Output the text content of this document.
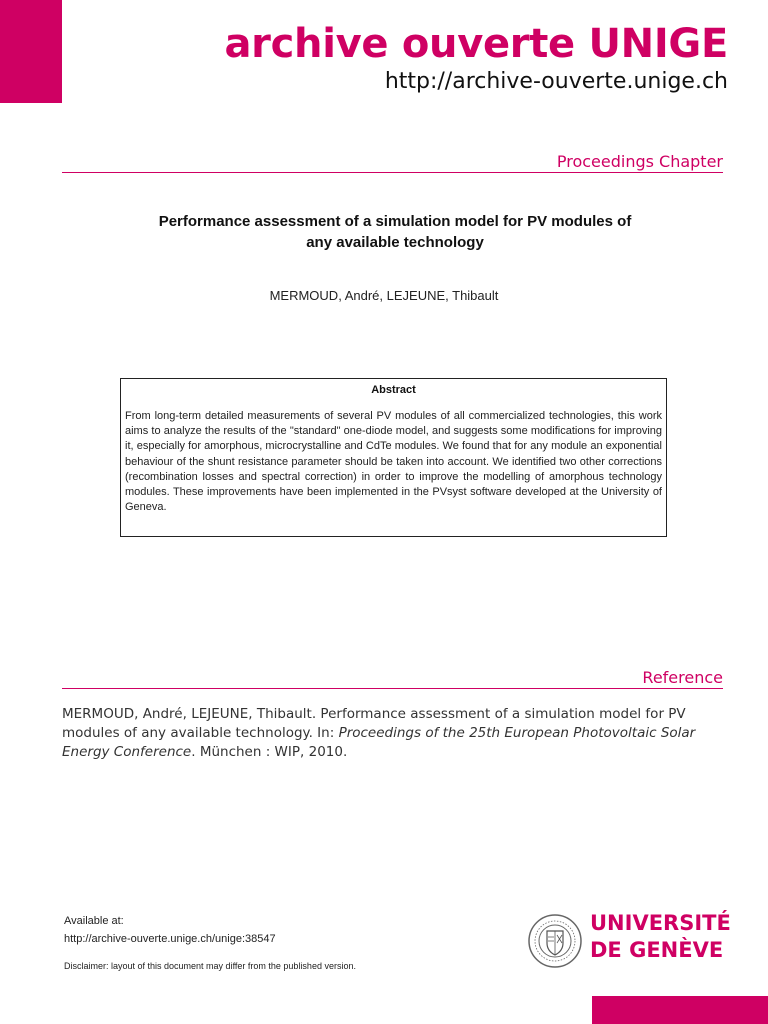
archive ouverte UNIGE
http://archive-ouverte.unige.ch
Proceedings Chapter
Performance assessment of a simulation model for PV modules of
any available technology

MERMOUD, André, LEJEUNE, Thibault

Abstract

From long-term detailed measurements of several PV modules of all commercialized technologies, this work aims to analyze the results of the "standard" one-diode model, and suggests some modifications for improving it, especially for amorphous, microcrystalline and CdTe modules. We found that for any module an exponential behaviour of the shunt resistance parameter should be taken into account. We identified two other corrections (recombination losses and spectral correction) in order to improve the modelling of amorphous technology modules. These improvements have been implemented in the PVsyst software developed at the University of Geneva.

Reference

MERMOUD, André, LEJEUNE, Thibault. Performance assessment of a simulation model for PV modules of any available technology. In: Proceedings of the 25th European Photovoltaic Solar Energy Conference. München : WIP, 2010.

Available at:

http://archive-ouverte.unige.ch/unige:38547

Disclaimer: layout of this document may differ from the published version.

UNIVERSITÉ
DE GENÈVE
